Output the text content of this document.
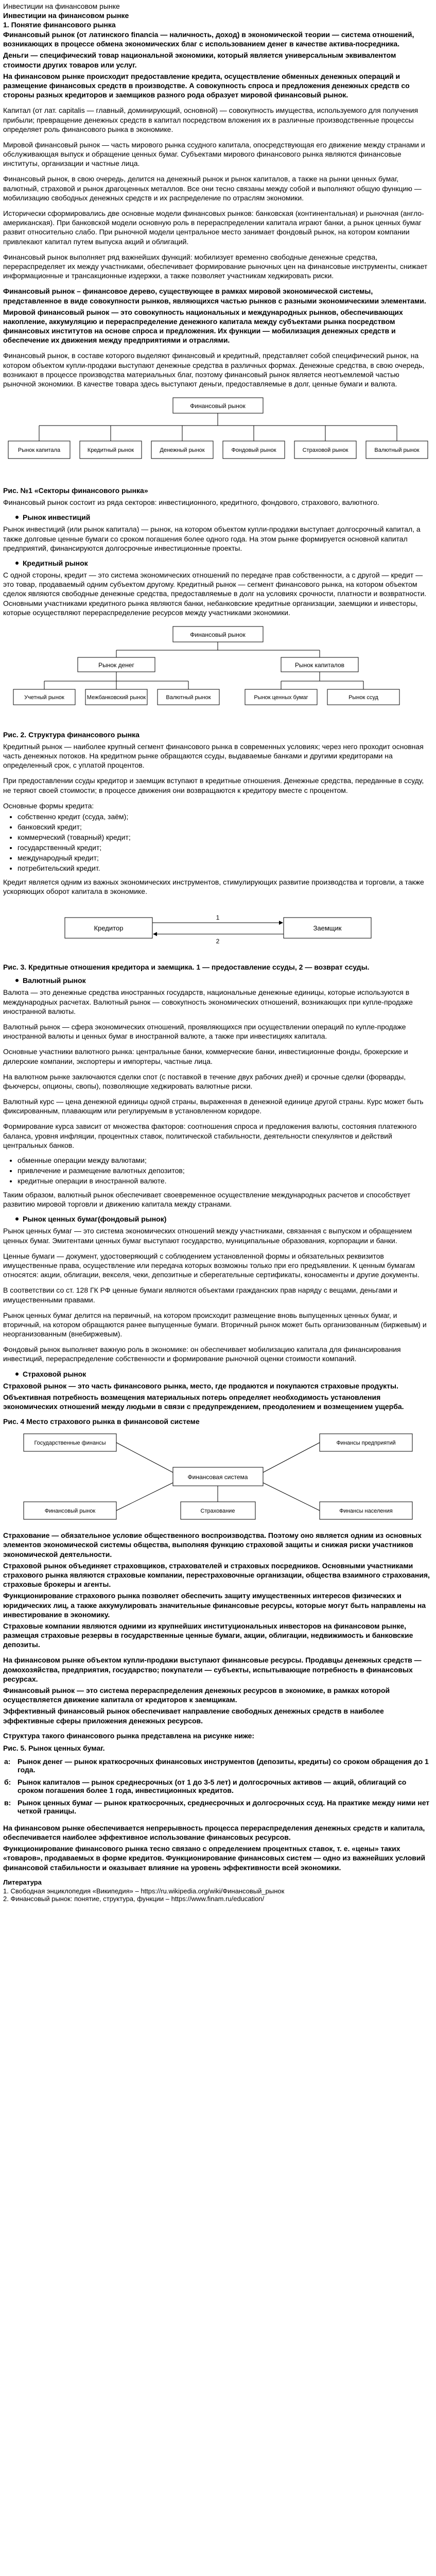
Инвестиции на финансовом рынке
Инвестиции на финансовом рынке
1. Понятие финансового рынка

Финансовый рынок (от латинского financia — наличность, доход) в экономической теории — система отношений, возникающих в процессе обмена экономических благ с использованием денег в качестве актива-посредника.

Деньги — специфический товар национальной экономики, который является универсальным эквивалентом стоимости других товаров или услуг.

На финансовом рынке происходит предоставление кредита, осуществление обменных денежных операций и размещение финансовых средств в производстве. А совокупность спроса и предложения денежных средств со стороны разных кредиторов и заемщиков разного рода образует мировой финансовый рынок.

Капитал (от лат. capitalis — главный, доминирующий, основной) — совокупность имущества, используемого для получения прибыли; превращение денежных средств в капитал посредством вложения их в различные производственные процессы определяет роль финансового рынка в экономике.

Мировой финансовый рынок — часть мирового рынка ссудного капитала, опосредствующая его движение между странами и обслуживающая выпуск и обращение ценных бумаг. Субъектами мирового финансового рынка являются финансовые институты, организации и частные лица.

Финансовый рынок, в свою очередь, делится на денежный рынок и рынок капиталов, а также на рынки ценных бумаг, валютный, страховой и рынок драгоценных металлов. Все они тесно связаны между собой и выполняют общую функцию — мобилизацию свободных денежных средств и их распределение по отраслям экономики.

Исторически сформировались две основные модели финансовых рынков: банковская (континентальная) и рыночная (англо-американская). При банковской модели основную роль в перераспределении капитала играют банки, а рынок ценных бумаг развит относительно слабо. При рыночной модели центральное место занимает фондовый рынок, на котором компании привлекают капитал путем выпуска акций и облигаций.

Финансовый рынок выполняет ряд важнейших функций: мобилизует временно свободные денежные средства, перераспределяет их между участниками, обеспечивает формирование рыночных цен на финансовые инструменты, снижает информационные и трансакционные издержки, а также позволяет участникам хеджировать риски.

Финансовый рынок – финансовое дерево, существующее в рамках мировой экономической системы, представленное в виде совокупности рынков, являющихся частью рынков с разными экономическими элементами.

Мировой финансовый рынок — это совокупность национальных и международных рынков, обеспечивающих накопление, аккумуляцию и перераспределение денежного капитала между субъектами рынка посредством финансовых институтов на основе спроса и предложения. Их функции — мобилизация денежных средств и обеспечение их движения между предприятиями и отраслями.

Финансовый рынок, в составе которого выделяют финансовый и кредитный, представляет собой специфический рынок, на котором объектом купли-продажи выступают денежные средства в различных формах. Денежные средства, в свою очередь, возникают в процессе производства материальных благ, поэтому финансовый рынок является неотъемлемой частью рыночной экономики. В качестве товара здесь выступают деньги, предоставляемые в долг, ценные бумаги и валюта.

Финансовый рынок
Рынок капитала	Кредитный рынок	Денежный рынок	Фондовый рынок	Страховой рынок	Валютный рынок
Рис. №1 «Секторы финансового рынка»

Финансовый рынок состоит из ряда секторов: инвестиционного, кредитного, фондового, страхового, валютного.

Рынок инвестиций

Рынок инвестиций (или рынок капитала) — рынок, на котором объектом купли-продажи выступает долгосрочный капитал, а также долговые ценные бумаги со сроком погашения более одного года. На этом рынке формируется основной капитал предприятий, финансируются долгосрочные инвестиционные проекты.

Кредитный рынок

С одной стороны, кредит — это система экономических отношений по передаче прав собственности, а с другой — кредит — это товар, продаваемый одним субъектом другому. Кредитный рынок — сегмент финансового рынка, на котором объектом сделок являются свободные денежные средства, предоставляемые в долг на условиях срочности, платности и возвратности. Основными участниками кредитного рынка являются банки, небанковские кредитные организации, заемщики и инвесторы, которые осуществляют перераспределение ресурсов между участниками экономики.

Финансовый рынок
Рынок денег	Рынок капиталов
Учетный рынок	Межбанковский рынок	Валютный рынок	Рынок ценных бумаг	Рынок ссуд
Рис. 2. Структура финансового рынка

Кредитный рынок — наиболее крупный сегмент финансового рынка в современных условиях; через него проходит основная часть денежных потоков. На кредитном рынке обращаются ссуды, выдаваемые банками и другими кредиторами на определенный срок, с уплатой процентов.

При предоставлении ссуды кредитор и заемщик вступают в кредитные отношения. Денежные средства, переданные в ссуду, не теряют своей стоимости; в процессе движения они возвращаются к кредитору вместе с процентом.

Основные формы кредита:

• собственно кредит (ссуда, заём);
• банковский кредит;
• коммерческий (товарный) кредит;
• государственный кредит;
• международный кредит;
• потребительский кредит.

Кредит является одним из важных экономических инструментов, стимулирующих развитие производства и торговли, а также ускоряющих оборот капитала в экономике.

Кредитор	Заемщик
1
2
Рис. 3. Кредитные отношения кредитора и заемщика. 1 — предоставление ссуды, 2 — возврат ссуды.
Валютный рынок

Валюта — это денежные средства иностранных государств, национальные денежные единицы, которые используются в международных расчетах. Валютный рынок — совокупность экономических отношений, возникающих при купле-продаже иностранной валюты.

Валютный рынок — сфера экономических отношений, проявляющихся при осуществлении операций по купле-продаже иностранной валюты и ценных бумаг в иностранной валюте, а также при инвестициях капитала.

Основные участники валютного рынка: центральные банки, коммерческие банки, инвестиционные фонды, брокерские и дилерские компании, экспортеры и импортеры, частные лица.

На валютном рынке заключаются сделки спот (с поставкой в течение двух рабочих дней) и срочные сделки (форварды, фьючерсы, опционы, свопы), позволяющие хеджировать валютные риски.

Валютный курс — цена денежной единицы одной страны, выраженная в денежной единице другой страны. Курс может быть фиксированным, плавающим или регулируемым в установленном коридоре.

Формирование курса зависит от множества факторов: соотношения спроса и предложения валюты, состояния платежного баланса, уровня инфляции, процентных ставок, политической стабильности, деятельности спекулянтов и действий центральных банков.

• обменные операции между валютами;
• привлечение и размещение валютных депозитов;
• кредитные операции в иностранной валюте.

Таким образом, валютный рынок обеспечивает своевременное осуществление международных расчетов и способствует развитию мировой торговли и движению капитала между странами.

Рынок ценных бумаг(фондовый рынок)

Рынок ценных бумаг — это система экономических отношений между участниками, связанная с выпуском и обращением ценных бумаг. Эмитентами ценных бумаг выступают государство, муниципальные образования, корпорации и банки.

Ценные бумаги — документ, удостоверяющий с соблюдением установленной формы и обязательных реквизитов имущественные права, осуществление или передача которых возможны только при его предъявлении. К ценным бумагам относятся: акции, облигации, векселя, чеки, депозитные и сберегательные сертификаты, коносаменты и другие документы.

В соответствии со ст. 128 ГК РФ ценные бумаги являются объектами гражданских прав наряду с вещами, деньгами и имущественными правами.

Рынок ценных бумаг делится на первичный, на котором происходит размещение вновь выпущенных ценных бумаг, и вторичный, на котором обращаются ранее выпущенные бумаги. Вторичный рынок может быть организованным (биржевым) и неорганизованным (внебиржевым).

Фондовый рынок выполняет важную роль в экономике: он обеспечивает мобилизацию капитала для финансирования инвестиций, перераспределение собственности и формирование рыночной оценки стоимости компаний.

Страховой рынок

Страховой рынок — это часть финансового рынка, место, где продаются и покупаются страховые продукты.

Объективная потребность возмещения материальных потерь определяет необходимость установления экономических отношений между людьми в связи с предупреждением, преодолением и возмещением ущерба.

Рис. 4 Место страхового рынка в финансовой системе
Финансовая система
Государственные финансы	Финансы предприятий
Страхование
Финансовый рынок	Финансы населения

Страхование — обязательное условие общественного воспроизводства. Поэтому оно является одним из основных элементов экономической системы общества, выполняя функцию страховой защиты и снижая риски участников экономической деятельности.

Страховой рынок объединяет страховщиков, страхователей и страховых посредников. Основными участниками страхового рынка являются страховые компании, перестраховочные организации, общества взаимного страхования, страховые брокеры и агенты.

Функционирование страхового рынка позволяет обеспечить защиту имущественных интересов физических и юридических лиц, а также аккумулировать значительные финансовые ресурсы, которые могут быть направлены на инвестирование в экономику.

Страховые компании являются одними из крупнейших институциональных инвесторов на финансовом рынке, размещая страховые резервы в государственные ценные бумаги, акции, облигации, недвижимость и банковские депозиты.

На финансовом рынке объектом купли-продажи выступают финансовые ресурсы. Продавцы денежных средств — домохозяйства, предприятия, государство; покупатели — субъекты, испытывающие потребность в финансовых ресурсах.

Финансовый рынок — это система перераспределения денежных ресурсов в экономике, в рамках которой осуществляется движение капитала от кредиторов к заемщикам.

Эффективный финансовый рынок обеспечивает направление свободных денежных средств в наиболее эффективные сферы приложения денежных ресурсов.

Структура такого финансового рынка представлена на рисунке ниже:
Рис. 5. Рынок ценных бумаг.
а:	Рынок денег — рынок краткосрочных финансовых инструментов (депозиты, кредиты) со сроком обращения до 1 года.
б:	Рынок капиталов — рынок среднесрочных (от 1 до 3-5 лет) и долгосрочных активов — акций, облигаций со сроком погашения более 1 года, инвестиционных кредитов.
в:	Рынок ценных бумаг — рынок краткосрочных, среднесрочных и долгосрочных ссуд. На практике между ними нет четкой границы.

На финансовом рынке обеспечивается непрерывность процесса перераспределения денежных средств и капитала, обеспечивается наиболее эффективное использование финансовых ресурсов.

Функционирование финансового рынка тесно связано с определением процентных ставок, т. е. «цены» таких «товаров», продаваемых в форме кредитов. Функционирование финансовых систем — одно из важнейших условий финансовой стабильности и оказывает влияние на уровень эффективности всей экономики.

Литература
1. Свободная энциклопедия «Википедия» – https://ru.wikipedia.org/wiki/Финансовый_рынок
2. Финансовый рынок: понятие, структура, функции – https://www.finam.ru/education/
